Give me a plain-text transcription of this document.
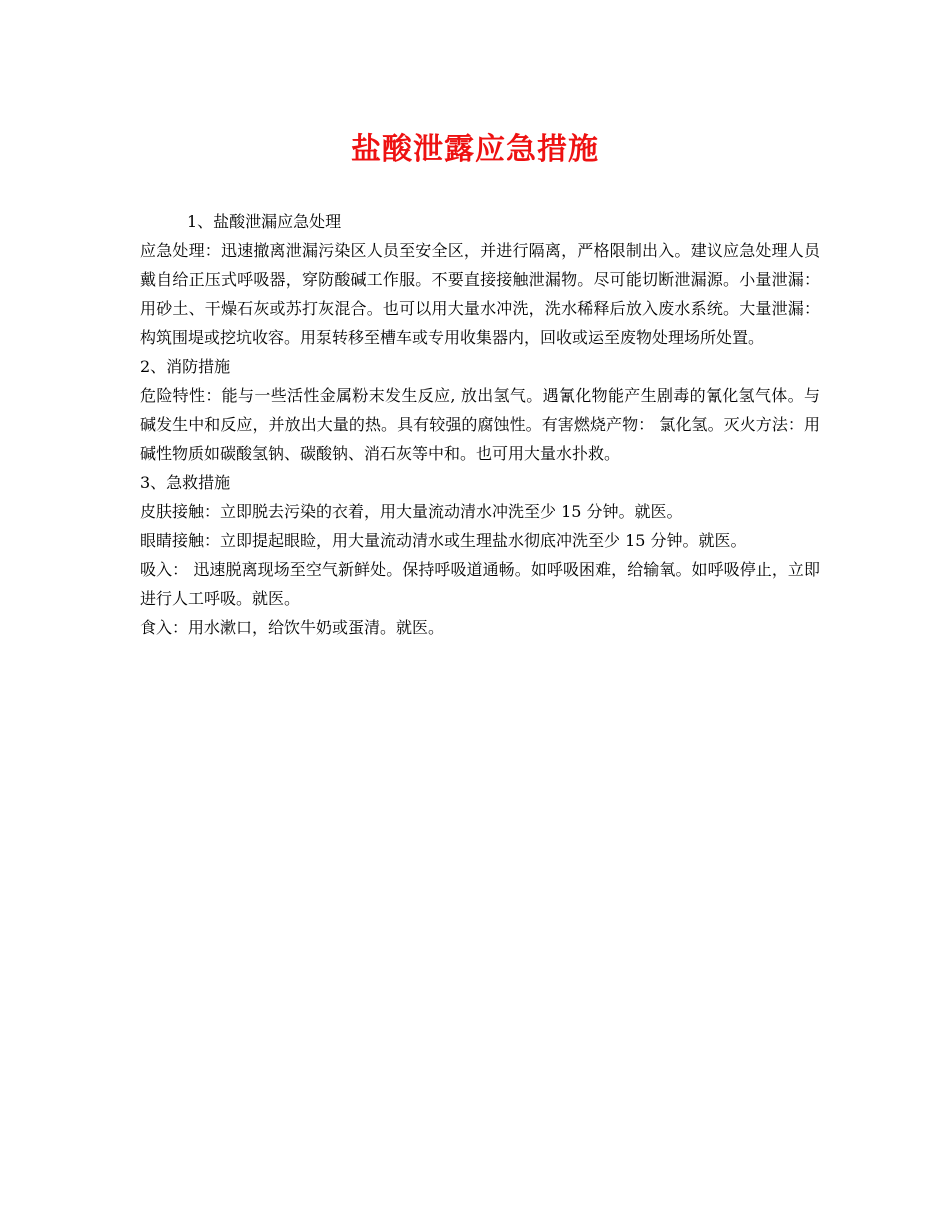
盐酸泄露应急措施

1、盐酸泄漏应急处理

应急处理：迅速撤离泄漏污染区人员至安全区，并进行隔离，严格限制出入。建议应急处理人员戴自给正压式呼吸器，穿防酸碱工作服。不要直接接触泄漏物。尽可能切断泄漏源。小量泄漏：用砂土、干燥石灰或苏打灰混合。也可以用大量水冲洗，洗水稀释后放入废水系统。大量泄漏：构筑围堤或挖坑收容。用泵转移至槽车或专用收集器内，回收或运至废物处理场所处置。

2、消防措施

危险特性：能与一些活性金属粉末发生反应, 放出氢气。遇氰化物能产生剧毒的氰化氢气体。与碱发生中和反应，并放出大量的热。具有较强的腐蚀性。有害燃烧产物： 氯化氢。灭火方法：用碱性物质如碳酸氢钠、碳酸钠、消石灰等中和。也可用大量水扑救。

3、急救措施

皮肤接触：立即脱去污染的衣着，用大量流动清水冲洗至少 15 分钟。就医。

眼睛接触：立即提起眼睑，用大量流动清水或生理盐水彻底冲洗至少 15 分钟。就医。

吸入： 迅速脱离现场至空气新鲜处。保持呼吸道通畅。如呼吸困难，给输氧。如呼吸停止，立即进行人工呼吸。就医。

食入：用水漱口，给饮牛奶或蛋清。就医。
